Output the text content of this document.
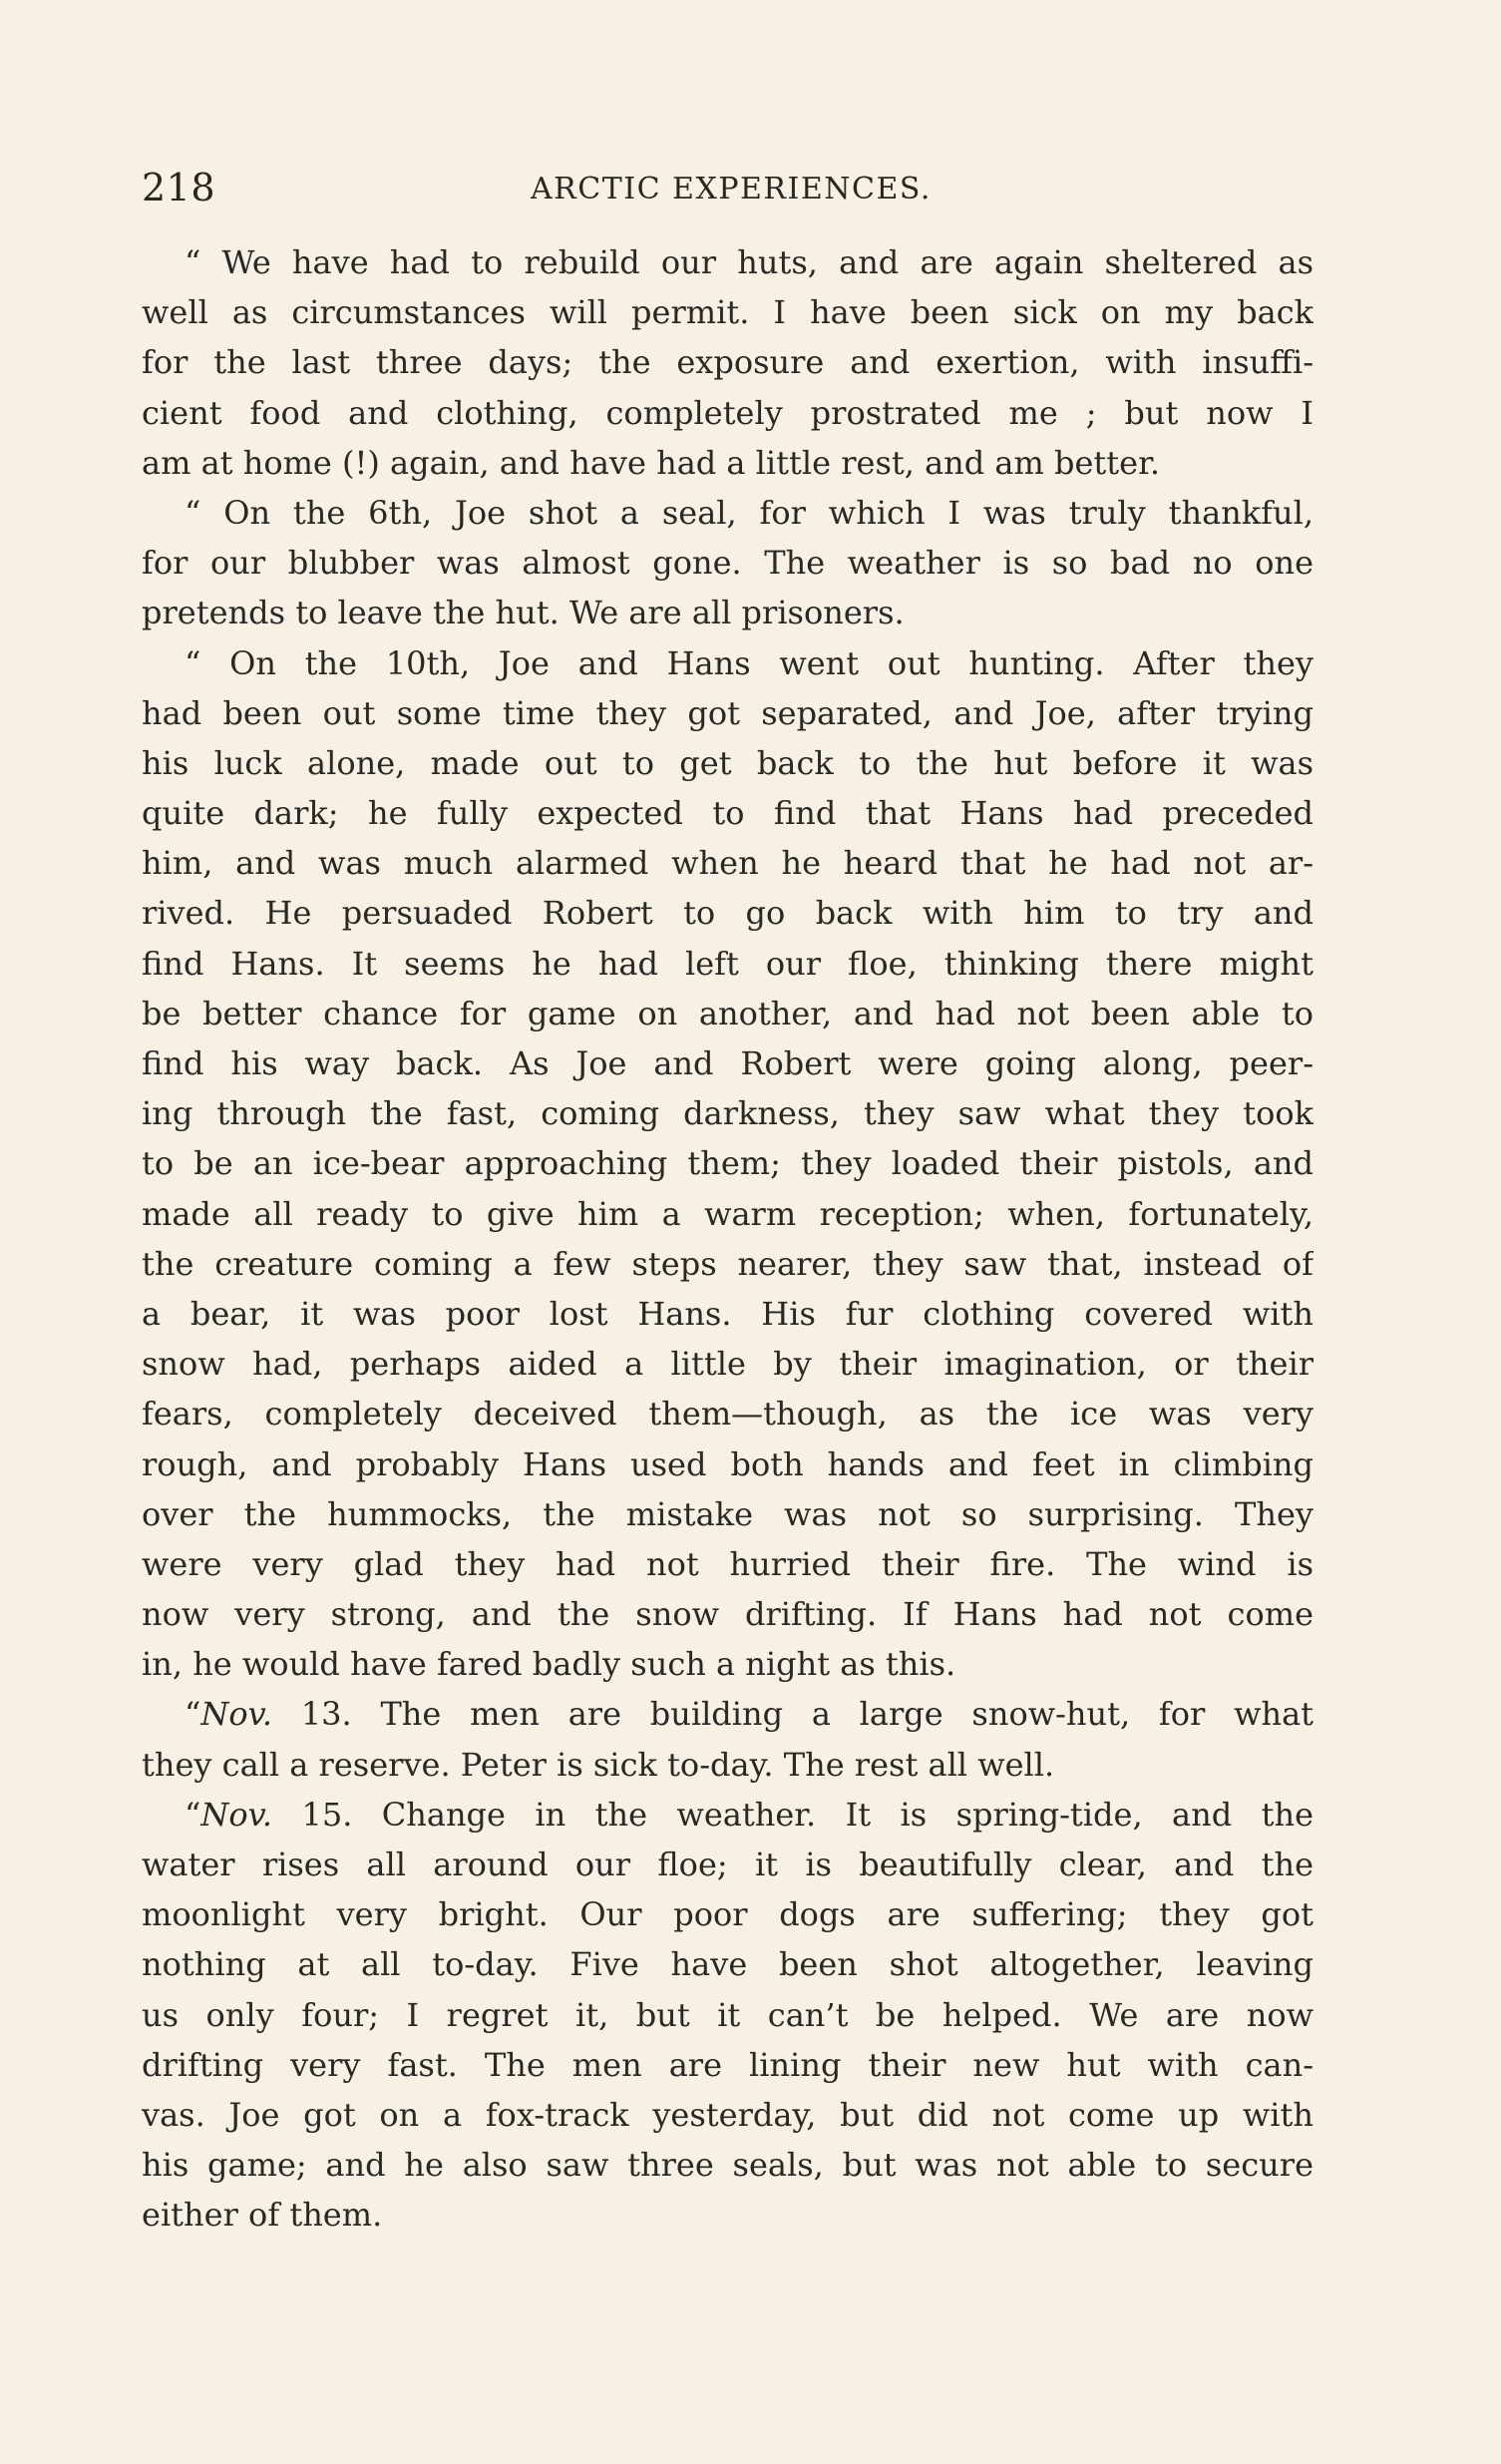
218	ARCTIC EXPERIENCES.
“ We have had to rebuild our huts, and are again sheltered as
well as circumstances will permit. I have been sick on my back
for the last three days; the exposure and exertion, with insuffi-
cient food and clothing, completely prostrated me ; but now I
am at home (!) again, and have had a little rest, and am better.
“ On the 6th, Joe shot a seal, for which I was truly thankful,
for our blubber was almost gone. The weather is so bad no one
pretends to leave the hut. We are all prisoners.
“ On the 10th, Joe and Hans went out hunting. After they
had been out some time they got separated, and Joe, after trying
his luck alone, made out to get back to the hut before it was
quite dark; he fully expected to find that Hans had preceded
him, and was much alarmed when he heard that he had not ar-
rived. He persuaded Robert to go back with him to try and
find Hans. It seems he had left our floe, thinking there might
be better chance for game on another, and had not been able to
find his way back. As Joe and Robert were going along, peer-
ing through the fast, coming darkness, they saw what they took
to be an ice-bear approaching them; they loaded their pistols, and
made all ready to give him a warm reception; when, fortunately,
the creature coming a few steps nearer, they saw that, instead of
a bear, it was poor lost Hans. His fur clothing covered with
snow had, perhaps aided a little by their imagination, or their
fears, completely deceived them—though, as the ice was very
rough, and probably Hans used both hands and feet in climbing
over the hummocks, the mistake was not so surprising. They
were very glad they had not hurried their fire. The wind is
now very strong, and the snow drifting. If Hans had not come
in, he would have fared badly such a night as this.
“Nov. 13. The men are building a large snow-hut, for what
they call a reserve. Peter is sick to-day. The rest all well.
“Nov. 15. Change in the weather. It is spring-tide, and the
water rises all around our floe; it is beautifully clear, and the
moonlight very bright. Our poor dogs are suffering; they got
nothing at all to-day. Five have been shot altogether, leaving
us only four; I regret it, but it can’t be helped. We are now
drifting very fast. The men are lining their new hut with can-
vas. Joe got on a fox-track yesterday, but did not come up with
his game; and he also saw three seals, but was not able to secure
either of them.
